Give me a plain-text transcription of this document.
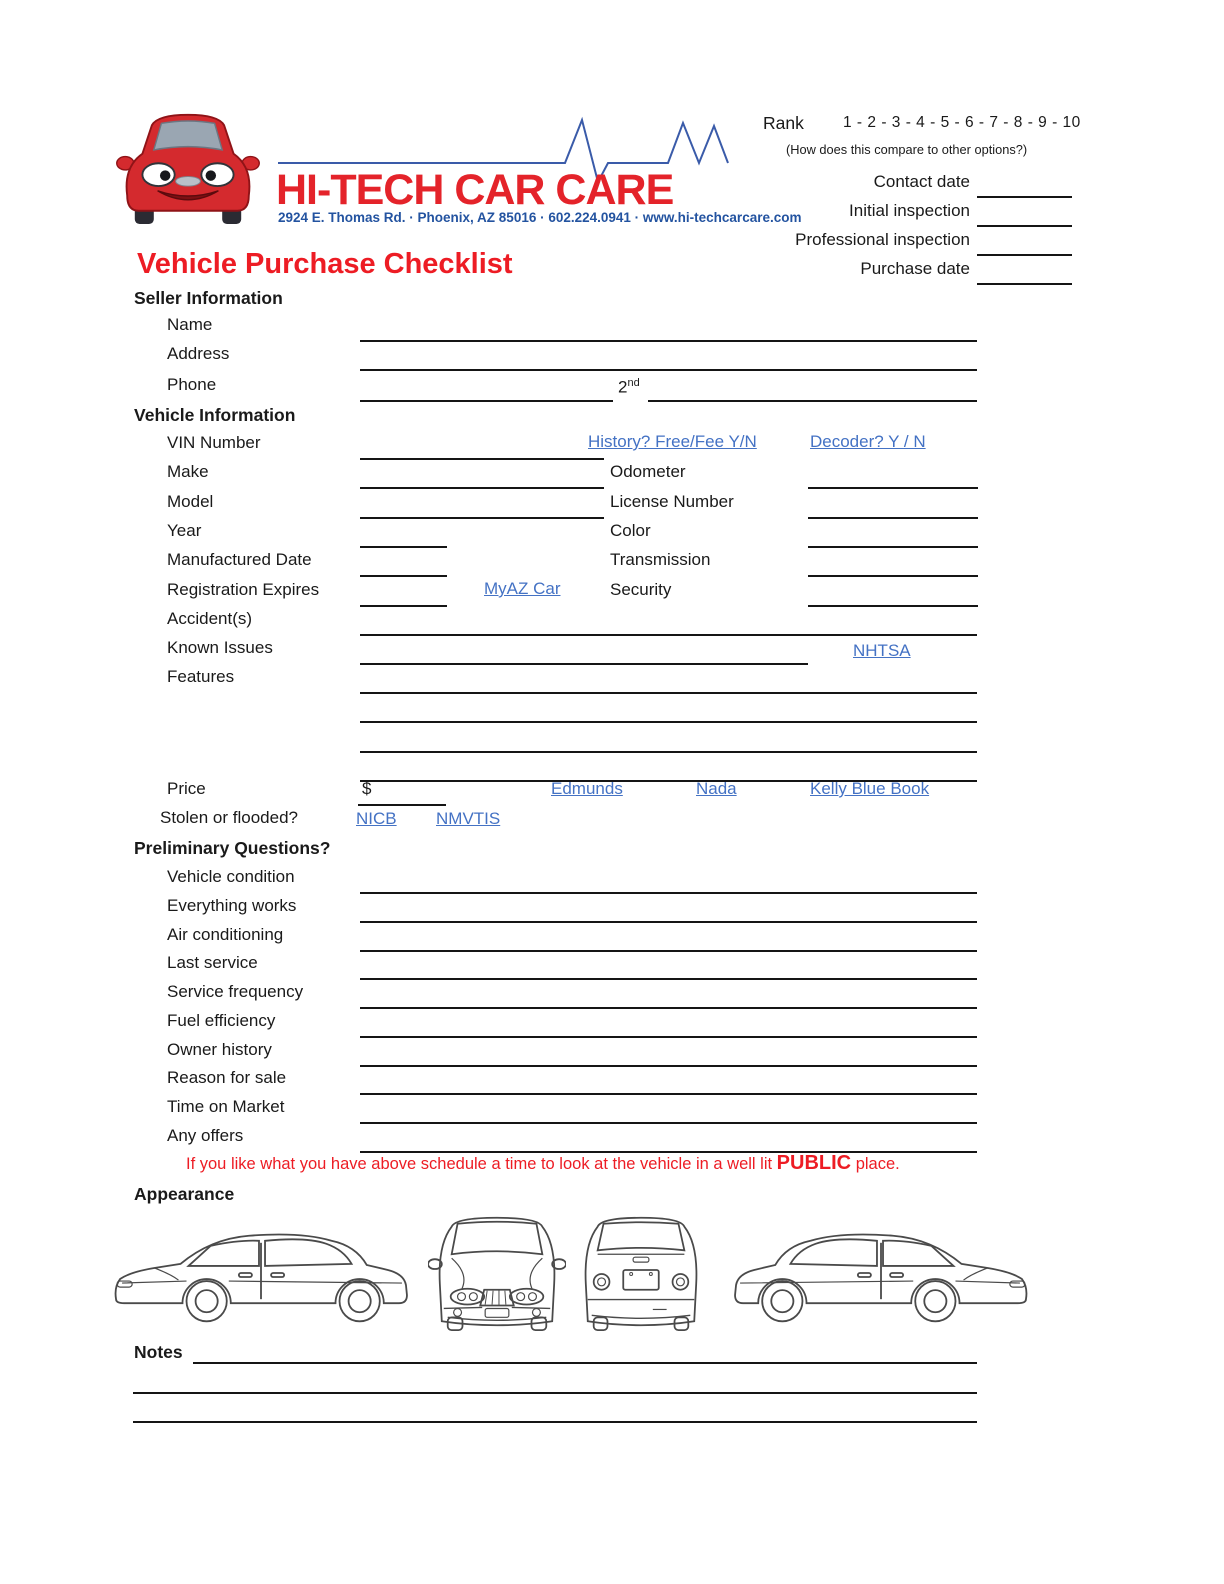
HI-TECH CAR CARE
2924 E. Thomas Rd. · Phoenix, AZ 85016 · 602.224.0941 · www.hi-techcarcare.com
Rank	1 - 2 - 3 - 4 - 5 - 6 - 7 - 8 - 9 - 10
(How does this compare to other options?)
Contact date
Initial inspection
Professional inspection
Purchase date
Vehicle Purchase Checklist
Seller Information
Name
Address
Phone	2nd
Vehicle Information
VIN Number	History? Free/Fee Y/N	Decoder? Y / N
Make	Odometer
Model	License Number
Year	Color
Manufactured Date	Transmission
Registration Expires	MyAZ Car	Security
Accident(s)
Known Issues	NHTSA
Features
Price	$	Edmunds	Nada	Kelly Blue Book
Stolen or flooded?	NICB NMVTIS
Preliminary Questions?
Vehicle condition
Everything works
Air conditioning
Last service
Service frequency
Fuel efficiency
Owner history
Reason for sale
Time on Market
Any offers
If you like what you have above schedule a time to look at the vehicle in a well lit PUBLIC place.
Appearance
Notes
